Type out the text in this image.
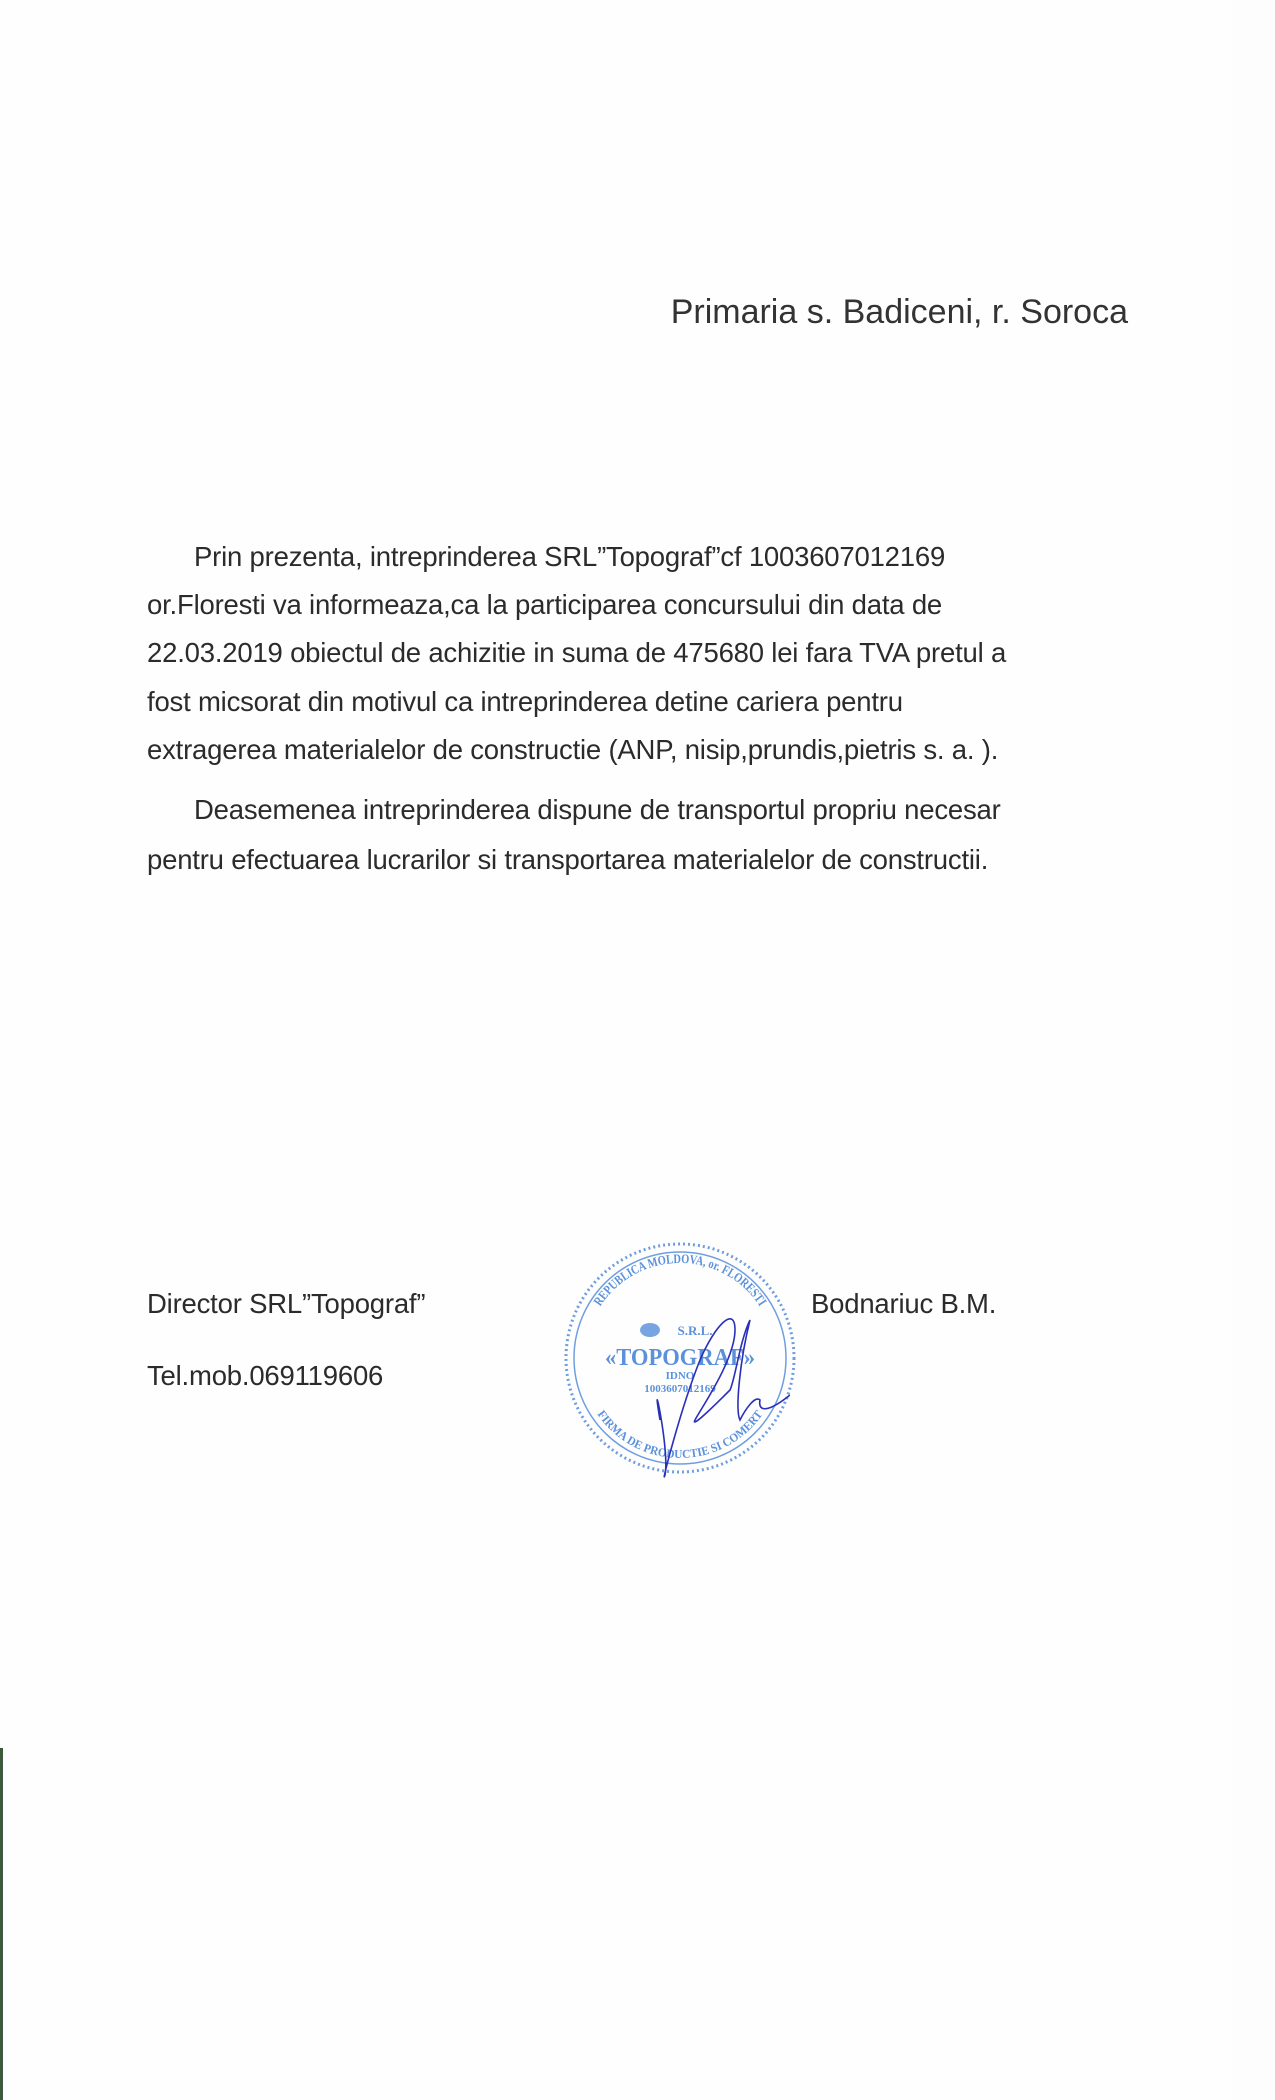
Primaria s. Badiceni, r. Soroca
Prin prezenta, intreprinderea SRL”Topograf”cf 1003607012169
or.Floresti va informeaza,ca la participarea concursului din data de
22.03.2019 obiectul de achizitie in suma de 475680 lei fara TVA pretul a
fost micsorat din motivul ca intreprinderea detine cariera pentru
extragerea materialelor de constructie (ANP, nisip,prundis,pietris s. a. ).
Deasemenea intreprinderea dispune de transportul propriu necesar
pentru efectuarea lucrarilor si transportarea materialelor de constructii.
Director SRL”Topograf”
Tel.mob.069119606
Bodnariuc B.M.
REPUBLICA MOLDOVA, or. FLORESTI
FIRMA DE PRODUCTIE SI COMERT
S.R.L.
«TOPOGRAF»
IDNO
1003607012169
